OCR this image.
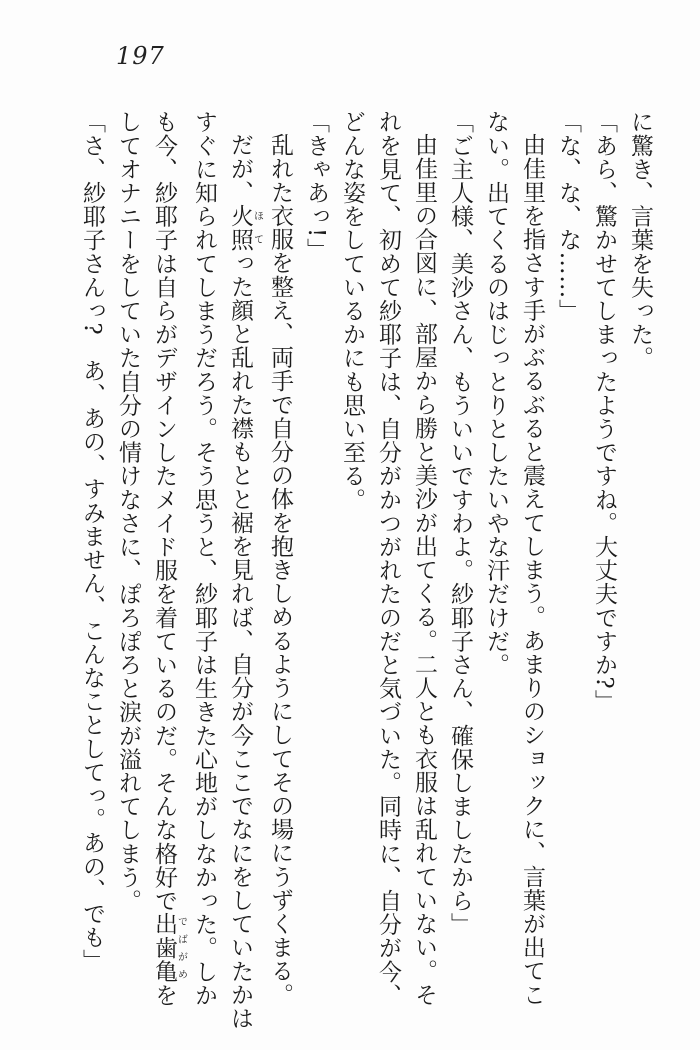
197
に驚き、言葉を失った。
「あら、驚かせてしまったようですね。大丈夫ですか?」
「な、な、な……」
由佳里を指さす手がぶるぶると震えてしまう。あまりのショックに、言葉が出てこ
ない。出てくるのはじっとりとしたいやな汗だけだ。
「ご主人様、美沙さん、もういいですわよ。紗耶子さん、確保しましたから」
由佳里の合図に、部屋から勝と美沙が出てくる。二人とも衣服は乱れていない。そ
れを見て、初めて紗耶子は、自分がかつがれたのだと気づいた。同時に、自分が今、
どんな姿をしているかにも思い至る。
「きゃあっ!」
乱れた衣服を整え、両手で自分の体を抱きしめるようにしてその場にうずくまる。
だが、火照ほてった顔と乱れた襟もとと裾を見れば、自分が今ここでなにをしていたかは
すぐに知られてしまうだろう。そう思うと、紗耶子は生きた心地がしなかった。しか
も今、紗耶子は自らがデザインしたメイド服を着ているのだ。そんな格好で出歯亀でばがめを
してオナニーをしていた自分の情けなさに、ぽろぽろと涙が溢れてしまう。
「さ、紗耶子さんっ?　あ、あの、すみません、こんなことしてっ。あの、でも」
